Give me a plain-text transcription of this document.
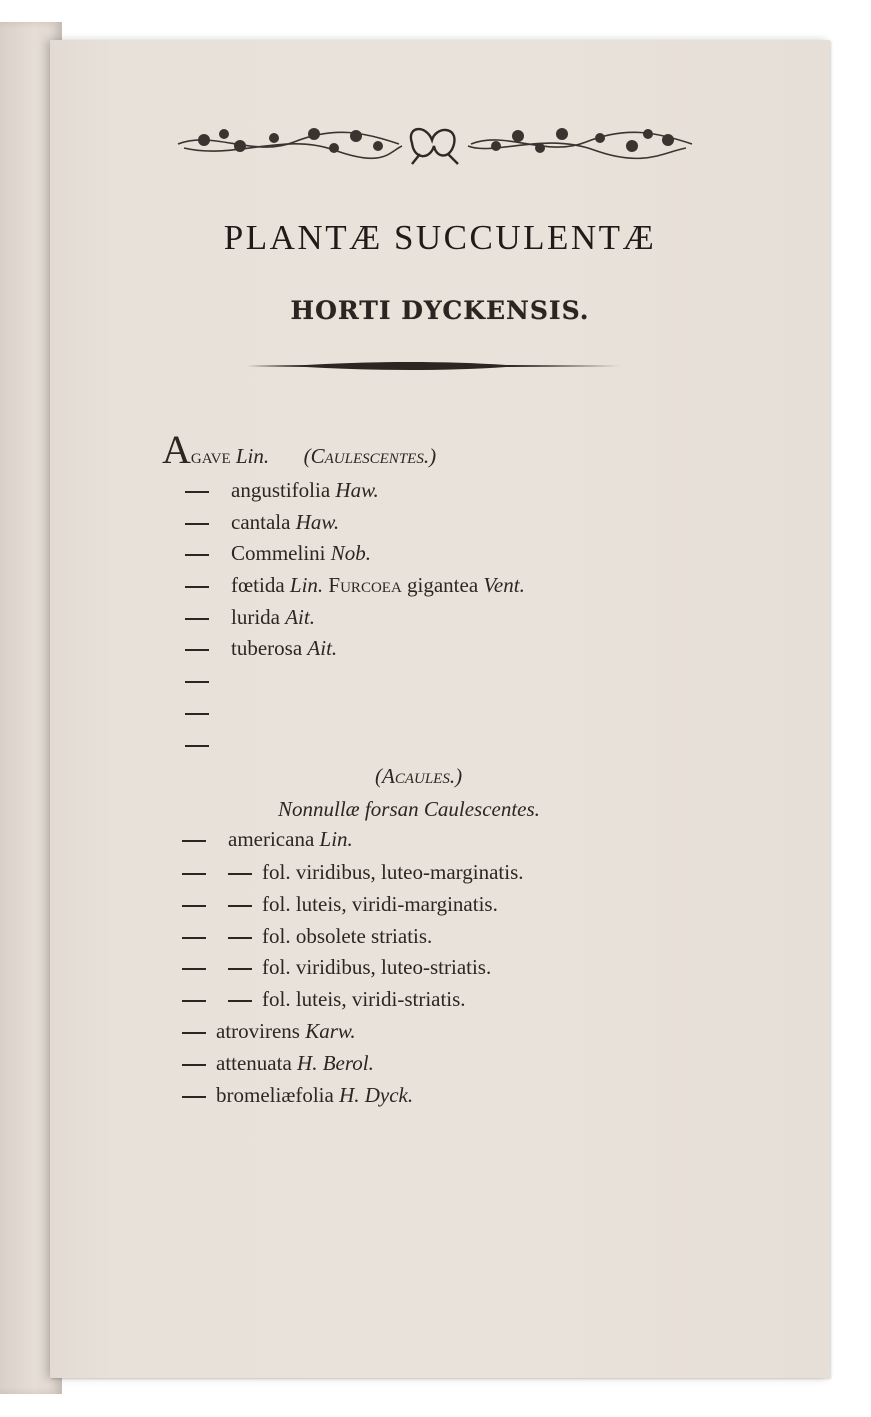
PLANTÆ SUCCULENTÆ
HORTI DYCKENSIS.
Agave Lin. (Caulescentes.)
angustifolia Haw.
cantala Haw.
Commelini Nob.
fœtida Lin. Furcoea gigantea Vent.
lurida Ait.
tuberosa Ait.
(Acaules.)
Nonnullæ forsan Caulescentes.
americana Lin.
fol. viridibus, luteo-marginatis.
fol. luteis, viridi-marginatis.
fol. obsolete striatis.
fol. viridibus, luteo-striatis.
fol. luteis, viridi-striatis.
atrovirens Karw.
attenuata H. Berol.
bromeliæfolia H. Dyck.
